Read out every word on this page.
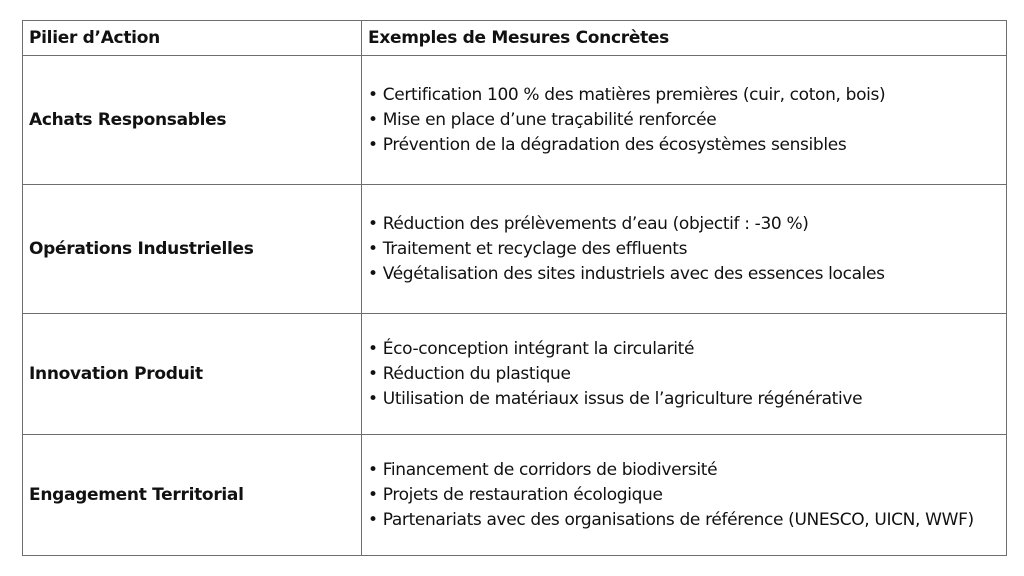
Pilier d’Action	Exemples de Mesures Concrètes
Achats Responsables	• Certification 100 % des matières premières (cuir, coton, bois)
• Mise en place d’une traçabilité renforcée
• Prévention de la dégradation des écosystèmes sensibles

Opérations Industrielles	• Réduction des prélèvements d’eau (objectif : -30 %)
• Traitement et recyclage des effluents
• Végétalisation des sites industriels avec des essences locales

Innovation Produit	• Éco-conception intégrant la circularité
• Réduction du plastique
• Utilisation de matériaux issus de l’agriculture régénérative

Engagement Territorial	• Financement de corridors de biodiversité
• Projets de restauration écologique
• Partenariats avec des organisations de référence (UNESCO, UICN, WWF)
